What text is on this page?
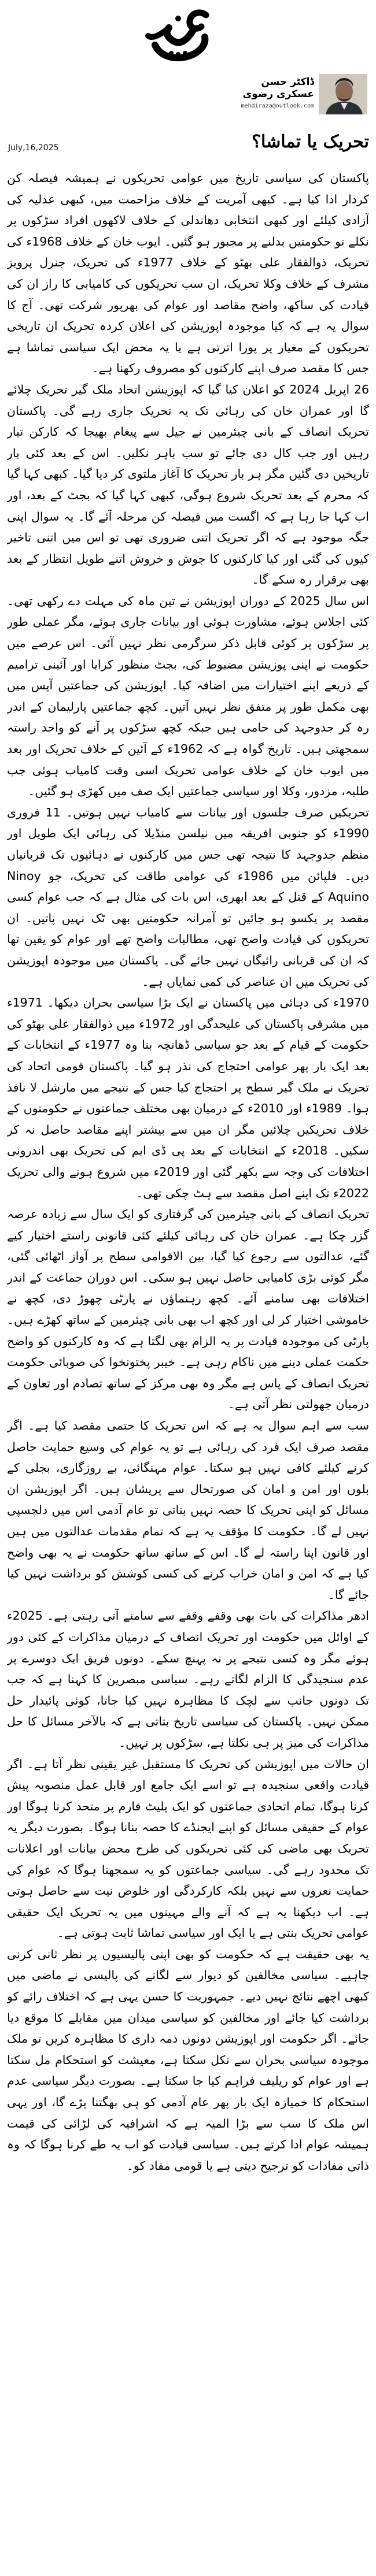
ڈاکٹر حسن عسکری رضوی
mehdiraza@outlook.com
July,16,2025	تحریک یا تماشا؟

پاکستان کی سیاسی تاریخ میں عوامی تحریکوں نے ہمیشہ فیصلہ کن کردار ادا کیا ہے۔ کبھی آمریت کے خلاف مزاحمت میں، کبھی عدلیہ کی آزادی کیلئے اور کبھی انتخابی دھاندلی کے خلاف لاکھوں افراد سڑکوں پر نکلے تو حکومتیں بدلنے پر مجبور ہو گئیں۔ ایوب خان کے خلاف 1968ء کی تحریک، ذوالفقار علی بھٹو کے خلاف 1977ء کی تحریک، جنرل پرویز مشرف کے خلاف وکلا تحریک، ان سب تحریکوں کی کامیابی کا راز ان کی قیادت کی ساکھ، واضح مقاصد اور عوام کی بھرپور شرکت تھی۔ آج کا سوال یہ ہے کہ کیا موجودہ اپوزیشن کی اعلان کردہ تحریک ان تاریخی تحریکوں کے معیار پر پورا اترتی ہے یا یہ محض ایک سیاسی تماشا ہے جس کا مقصد صرف اپنے کارکنوں کو مصروف رکھنا ہے۔

26 اپریل 2024 کو اعلان کیا گیا کہ اپوزیشن اتحاد ملک گیر تحریک چلائے گا اور عمران خان کی رہائی تک یہ تحریک جاری رہے گی۔ پاکستان تحریک انصاف کے بانی چیئرمین نے جیل سے پیغام بھیجا کہ کارکن تیار رہیں اور جب کال دی جائے تو سب باہر نکلیں۔ اس کے بعد کئی بار تاریخیں دی گئیں مگر ہر بار تحریک کا آغاز ملتوی کر دیا گیا۔ کبھی کہا گیا کہ محرم کے بعد تحریک شروع ہوگی، کبھی کہا گیا کہ بجٹ کے بعد، اور اب کہا جا رہا ہے کہ اگست میں فیصلہ کن مرحلہ آئے گا۔ یہ سوال اپنی جگہ موجود ہے کہ اگر تحریک اتنی ضروری تھی تو اس میں اتنی تاخیر کیوں کی گئی اور کیا کارکنوں کا جوش و خروش اتنے طویل انتظار کے بعد بھی برقرار رہ سکے گا۔

اس سال 2025 کے دوران اپوزیشن نے تین ماہ کی مہلت دے رکھی تھی۔ کئی اجلاس ہوئے، مشاورت ہوئی اور بیانات جاری ہوئے، مگر عملی طور پر سڑکوں پر کوئی قابل ذکر سرگرمی نظر نہیں آئی۔ اس عرصے میں حکومت نے اپنی پوزیشن مضبوط کی، بجٹ منظور کرایا اور آئینی ترامیم کے ذریعے اپنے اختیارات میں اضافہ کیا۔ اپوزیشن کی جماعتیں آپس میں بھی مکمل طور پر متفق نظر نہیں آتیں۔ کچھ جماعتیں پارلیمان کے اندر رہ کر جدوجہد کی حامی ہیں جبکہ کچھ سڑکوں پر آنے کو واحد راستہ سمجھتی ہیں۔ تاریخ گواہ ہے کہ 1962ء کے آئین کے خلاف تحریک اور بعد میں ایوب خان کے خلاف عوامی تحریک اسی وقت کامیاب ہوئی جب طلبہ، مزدور، وکلا اور سیاسی جماعتیں ایک صف میں کھڑی ہو گئیں۔

تحریکیں صرف جلسوں اور بیانات سے کامیاب نہیں ہوتیں۔ 11 فروری 1990ء کو جنوبی افریقہ میں نیلسن منڈیلا کی رہائی ایک طویل اور منظم جدوجہد کا نتیجہ تھی جس میں کارکنوں نے دہائیوں تک قربانیاں دیں۔ فلپائن میں 1986ء کی عوامی طاقت کی تحریک، جو Ninoy Aquino کے قتل کے بعد ابھری، اس بات کی مثال ہے کہ جب عوام کسی مقصد پر یکسو ہو جائیں تو آمرانہ حکومتیں بھی ٹک نہیں پاتیں۔ ان تحریکوں کی قیادت واضح تھی، مطالبات واضح تھے اور عوام کو یقین تھا کہ ان کی قربانی رائیگاں نہیں جائے گی۔ پاکستان میں موجودہ اپوزیشن کی تحریک میں ان عناصر کی کمی نمایاں ہے۔

1970ء کی دہائی میں پاکستان نے ایک بڑا سیاسی بحران دیکھا۔ 1971ء میں مشرقی پاکستان کی علیحدگی اور 1972ء میں ذوالفقار علی بھٹو کی حکومت کے قیام کے بعد جو سیاسی ڈھانچہ بنا وہ 1977ء کے انتخابات کے بعد ایک بار پھر عوامی احتجاج کی نذر ہو گیا۔ پاکستان قومی اتحاد کی تحریک نے ملک گیر سطح پر احتجاج کیا جس کے نتیجے میں مارشل لا نافذ ہوا۔ 1989ء اور 2010ء کے درمیان بھی مختلف جماعتوں نے حکومتوں کے خلاف تحریکیں چلائیں مگر ان میں سے بیشتر اپنے مقاصد حاصل نہ کر سکیں۔ 2018ء کے انتخابات کے بعد پی ڈی ایم کی تحریک بھی اندرونی اختلافات کی وجہ سے بکھر گئی اور 2019ء میں شروع ہونے والی تحریک 2022ء تک اپنے اصل مقصد سے ہٹ چکی تھی۔

تحریک انصاف کے بانی چیئرمین کی گرفتاری کو ایک سال سے زیادہ عرصہ گزر چکا ہے۔ عمران خان کی رہائی کیلئے کئی قانونی راستے اختیار کیے گئے، عدالتوں سے رجوع کیا گیا، بین الاقوامی سطح پر آواز اٹھائی گئی، مگر کوئی بڑی کامیابی حاصل نہیں ہو سکی۔ اس دوران جماعت کے اندر اختلافات بھی سامنے آئے۔ کچھ رہنماؤں نے پارٹی چھوڑ دی، کچھ نے خاموشی اختیار کر لی اور کچھ اب بھی بانی چیئرمین کے ساتھ کھڑے ہیں۔ پارٹی کی موجودہ قیادت پر یہ الزام بھی لگتا ہے کہ وہ کارکنوں کو واضح حکمت عملی دینے میں ناکام رہی ہے۔ خیبر پختونخوا کی صوبائی حکومت تحریک انصاف کے پاس ہے مگر وہ بھی مرکز کے ساتھ تصادم اور تعاون کے درمیان جھولتی نظر آتی ہے۔

سب سے اہم سوال یہ ہے کہ اس تحریک کا حتمی مقصد کیا ہے۔ اگر مقصد صرف ایک فرد کی رہائی ہے تو یہ عوام کی وسیع حمایت حاصل کرنے کیلئے کافی نہیں ہو سکتا۔ عوام مہنگائی، بے روزگاری، بجلی کے بلوں اور امن و امان کی صورتحال سے پریشان ہیں۔ اگر اپوزیشن ان مسائل کو اپنی تحریک کا حصہ نہیں بناتی تو عام آدمی اس میں دلچسپی نہیں لے گا۔ حکومت کا مؤقف یہ ہے کہ تمام مقدمات عدالتوں میں ہیں اور قانون اپنا راستہ لے گا۔ اس کے ساتھ ساتھ حکومت نے یہ بھی واضح کیا ہے کہ امن و امان خراب کرنے کی کسی کوشش کو برداشت نہیں کیا جائے گا۔

ادھر مذاکرات کی بات بھی وقفے وقفے سے سامنے آتی رہتی ہے۔ 2025ء کے اوائل میں حکومت اور تحریک انصاف کے درمیان مذاکرات کے کئی دور ہوئے مگر وہ کسی نتیجے پر نہ پہنچ سکے۔ دونوں فریق ایک دوسرے پر عدم سنجیدگی کا الزام لگاتے رہے۔ سیاسی مبصرین کا کہنا ہے کہ جب تک دونوں جانب سے لچک کا مظاہرہ نہیں کیا جاتا، کوئی پائیدار حل ممکن نہیں۔ پاکستان کی سیاسی تاریخ بتاتی ہے کہ بالآخر مسائل کا حل مذاکرات کی میز پر ہی نکلتا ہے، سڑکوں پر نہیں۔

ان حالات میں اپوزیشن کی تحریک کا مستقبل غیر یقینی نظر آتا ہے۔ اگر قیادت واقعی سنجیدہ ہے تو اسے ایک جامع اور قابل عمل منصوبہ پیش کرنا ہوگا، تمام اتحادی جماعتوں کو ایک پلیٹ فارم پر متحد کرنا ہوگا اور عوام کے حقیقی مسائل کو اپنے ایجنڈے کا حصہ بنانا ہوگا۔ بصورت دیگر یہ تحریک بھی ماضی کی کئی تحریکوں کی طرح محض بیانات اور اعلانات تک محدود رہے گی۔ سیاسی جماعتوں کو یہ سمجھنا ہوگا کہ عوام کی حمایت نعروں سے نہیں بلکہ کارکردگی اور خلوص نیت سے حاصل ہوتی ہے۔ اب دیکھنا یہ ہے کہ آنے والے مہینوں میں یہ تحریک ایک حقیقی عوامی تحریک بنتی ہے یا ایک اور سیاسی تماشا ثابت ہوتی ہے۔

یہ بھی حقیقت ہے کہ حکومت کو بھی اپنی پالیسیوں پر نظر ثانی کرنی چاہیے۔ سیاسی مخالفین کو دیوار سے لگانے کی پالیسی نے ماضی میں کبھی اچھے نتائج نہیں دیے۔ جمہوریت کا حسن یہی ہے کہ اختلاف رائے کو برداشت کیا جائے اور مخالفین کو سیاسی میدان میں مقابلے کا موقع دیا جائے۔ اگر حکومت اور اپوزیشن دونوں ذمہ داری کا مظاہرہ کریں تو ملک موجودہ سیاسی بحران سے نکل سکتا ہے، معیشت کو استحکام مل سکتا ہے اور عوام کو ریلیف فراہم کیا جا سکتا ہے۔ بصورت دیگر سیاسی عدم استحکام کا خمیازہ ایک بار پھر عام آدمی کو ہی بھگتنا پڑے گا، اور یہی اس ملک کا سب سے بڑا المیہ ہے کہ اشرافیہ کی لڑائی کی قیمت ہمیشہ عوام ادا کرتے ہیں۔ سیاسی قیادت کو اب یہ طے کرنا ہوگا کہ وہ ذاتی مفادات کو ترجیح دیتی ہے یا قومی مفاد کو۔
